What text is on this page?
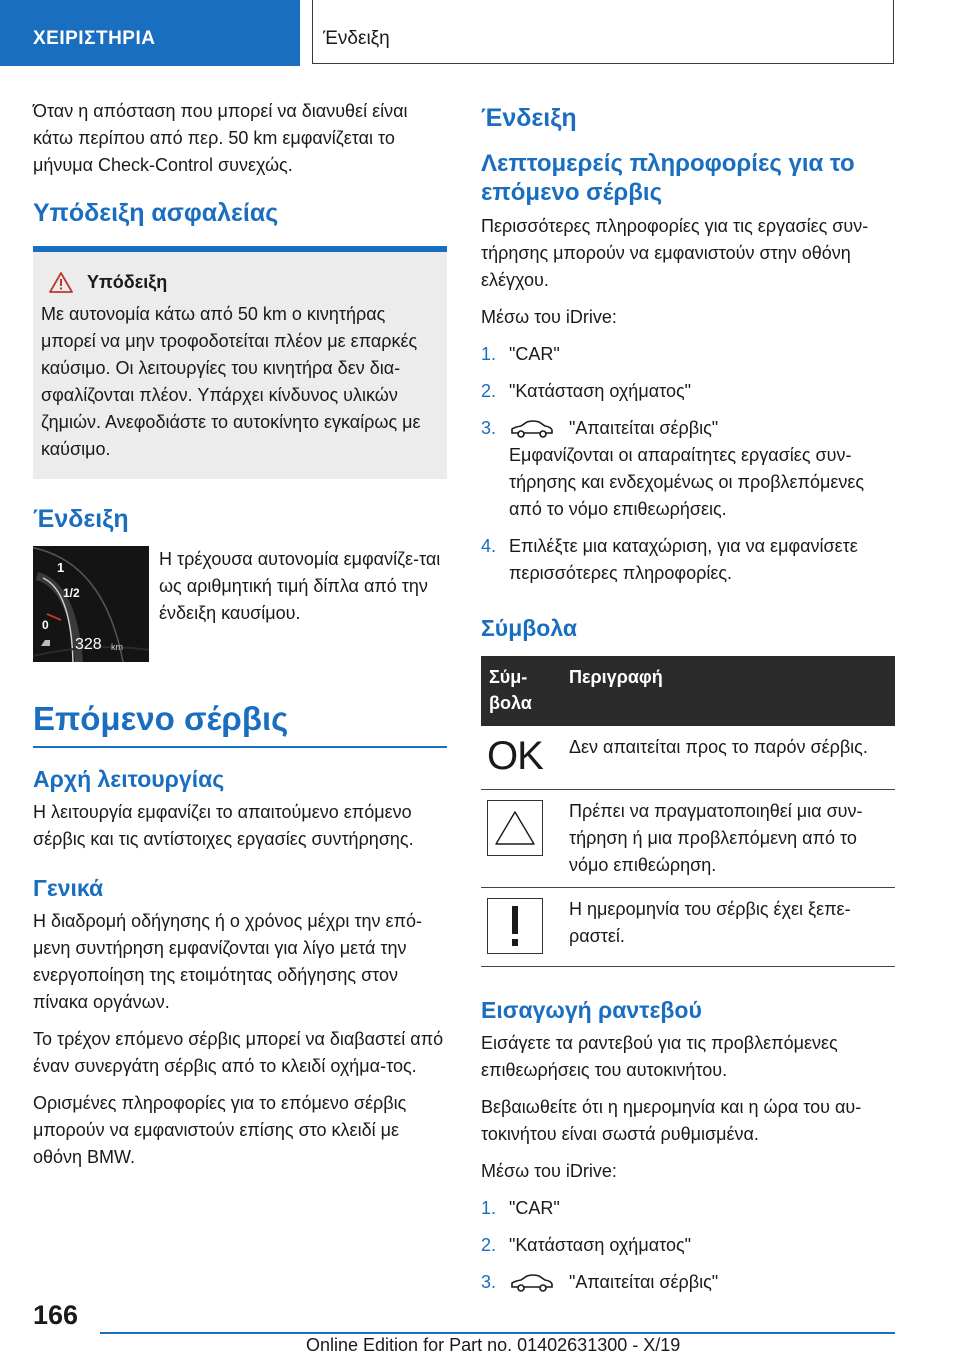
ΧΕΙΡΙΣΤΗΡΙΑ	Ένδειξη

Όταν η απόσταση που μπορεί να διανυθεί είναι κάτω περίπου από περ. 50 km εμφανίζεται το μήνυμα Check-Control συνεχώς.

Υπόδειξη ασφαλείας
Υπόδειξη

Με αυτονομία κάτω από 50 km ο κινητήρας μπορεί να μην τροφοδοτείται πλέον με επαρκές καύσιμο. Οι λειτουργίες του κινητήρα δεν δια-σφαλίζονται πλέον. Υπάρχει κίνδυνος υλικών ζημιών. Ανεφοδιάστε το αυτοκίνητο εγκαίρως με καύσιμο.

Ένδειξη
1
1/2
0
328 km

Η τρέχουσα αυτονομία εμφανίζε-ται ως αριθμητική τιμή δίπλα από την ένδειξη καυσίμου.

Επόμενο σέρβις
Αρχή λειτουργίας

Η λειτουργία εμφανίζει το απαιτούμενο επόμενο σέρβις και τις αντίστοιχες εργασίες συντήρησης.

Γενικά

Η διαδρομή οδήγησης ή ο χρόνος μέχρι την επό-μενη συντήρηση εμφανίζονται για λίγο μετά την ενεργοποίηση της ετοιμότητας οδήγησης στον πίνακα οργάνων.

Το τρέχον επόμενο σέρβις μπορεί να διαβαστεί από έναν συνεργάτη σέρβις από το κλειδί οχήμα-τος.

Ορισμένες πληροφορίες για το επόμενο σέρβις μπορούν να εμφανιστούν επίσης στο κλειδί με οθόνη BMW.

Ένδειξη
Λεπτομερείς πληροφορίες για το επόμενο σέρβις

Περισσότερες πληροφορίες για τις εργασίες συν-τήρησης μπορούν να εμφανιστούν στην οθόνη ελέγχου.

Μέσω του iDrive:

1. "CAR"
2. "Κατάσταση οχήματος"
3.	"Απαιτείται σέρβις"
Εμφανίζονται οι απαραίτητες εργασίες συν-τήρησης και ενδεχομένως οι προβλεπόμενες από το νόμο επιθεωρήσεις.
4. Επιλέξτε μια καταχώριση, για να εμφανίσετε περισσότερες πληροφορίες.
Σύμβολα
Σύμ-βολα	Περιγραφή
OK	Δεν απαιτείται προς το παρόν σέρβις.

	Πρέπει να πραγματοποιηθεί μια συν-τήρηση ή μια προβλεπόμενη από το νόμο επιθεώρηση.

	Η ημερομηνία του σέρβις έχει ξεπε-ραστεί.
Εισαγωγή ραντεβού

Εισάγετε τα ραντεβού για τις προβλεπόμενες επιθεωρήσεις του αυτοκινήτου.

Βεβαιωθείτε ότι η ημερομηνία και η ώρα του αυ-τοκινήτου είναι σωστά ρυθμισμένα.

Μέσω του iDrive:

1. "CAR"
2. "Κατάσταση οχήματος"
3.	"Απαιτείται σέρβις"
166
Online Edition for Part no. 01402631300 - X/19
